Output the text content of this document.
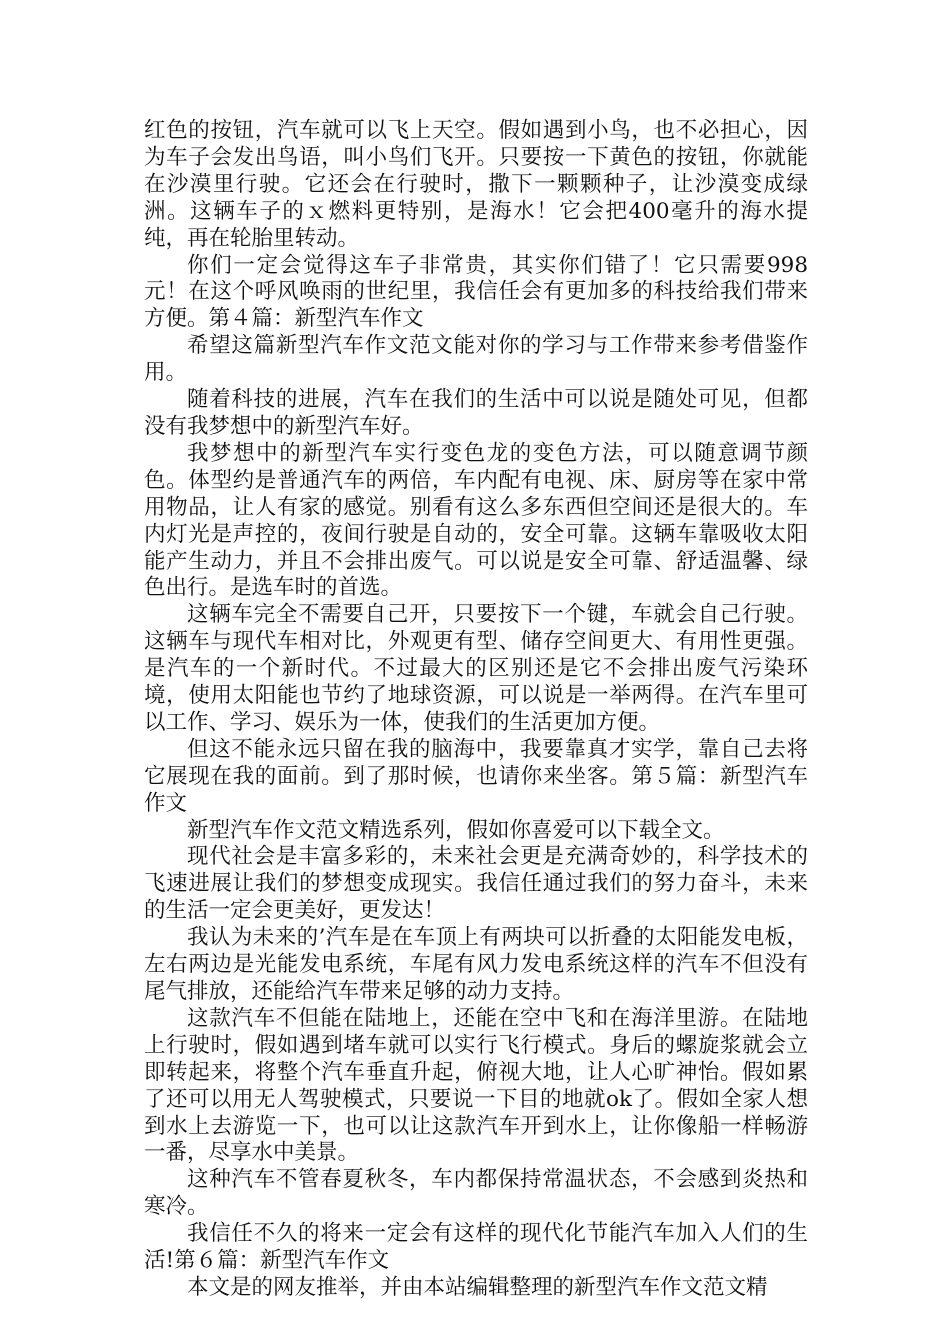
红色的按钮，汽车就可以飞上天空。假如遇到小鸟，也不必担心，因为车子会发出鸟语，叫小鸟们飞开。只要按一下黄色的按钮，你就能在沙漠里行驶。它还会在行驶时，撒下一颗颗种子，让沙漠变成绿洲。这辆车子的ｘ燃料更特别，是海水！它会把400毫升的海水提纯，再在轮胎里转动。

你们一定会觉得这车子非常贵，其实你们错了！它只需要998元！在这个呼风唤雨的世纪里，我信任会有更加多的科技给我们带来方便。第４篇：新型汽车作文

希望这篇新型汽车作文范文能对你的学习与工作带来参考借鉴作用。

随着科技的进展，汽车在我们的生活中可以说是随处可见，但都没有我梦想中的新型汽车好。

我梦想中的新型汽车实行变色龙的变色方法，可以随意调节颜色。体型约是普通汽车的两倍，车内配有电视、床、厨房等在家中常用物品，让人有家的感觉。别看有这么多东西但空间还是很大的。车内灯光是声控的，夜间行驶是自动的，安全可靠。这辆车靠吸收太阳能产生动力，并且不会排出废气。可以说是安全可靠、舒适温馨、绿色出行。是选车时的首选。

这辆车完全不需要自己开，只要按下一个键，车就会自己行驶。这辆车与现代车相对比，外观更有型、储存空间更大、有用性更强。是汽车的一个新时代。不过最大的区别还是它不会排出废气污染环境，使用太阳能也节约了地球资源，可以说是一举两得。在汽车里可以工作、学习、娱乐为一体，使我们的生活更加方便。

但这不能永远只留在我的脑海中，我要靠真才实学，靠自己去将它展现在我的面前。到了那时候，也请你来坐客。第５篇：新型汽车作文

新型汽车作文范文精选系列，假如你喜爱可以下载全文。

现代社会是丰富多彩的，未来社会更是充满奇妙的，科学技术的飞速进展让我们的梦想变成现实。我信任通过我们的努力奋斗，未来的生活一定会更美好，更发达！

我认为未来的’汽车是在车顶上有两块可以折叠的太阳能发电板，左右两边是光能发电系统，车尾有风力发电系统这样的汽车不但没有尾气排放，还能给汽车带来足够的动力支持。

这款汽车不但能在陆地上，还能在空中飞和在海洋里游。在陆地上行驶时，假如遇到堵车就可以实行飞行模式。身后的螺旋浆就会立即转起来，将整个汽车垂直升起，俯视大地，让人心旷神怡。假如累了还可以用无人驾驶模式，只要说一下目的地就ok了。假如全家人想到水上去游览一下，也可以让这款汽车开到水上，让你像船一样畅游一番，尽享水中美景。

这种汽车不管春夏秋冬，车内都保持常温状态，不会感到炎热和寒冷。

我信任不久的将来一定会有这样的现代化节能汽车加入人们的生活!第６篇：新型汽车作文

本文是的网友推举，并由本站编辑整理的新型汽车作文范文精
